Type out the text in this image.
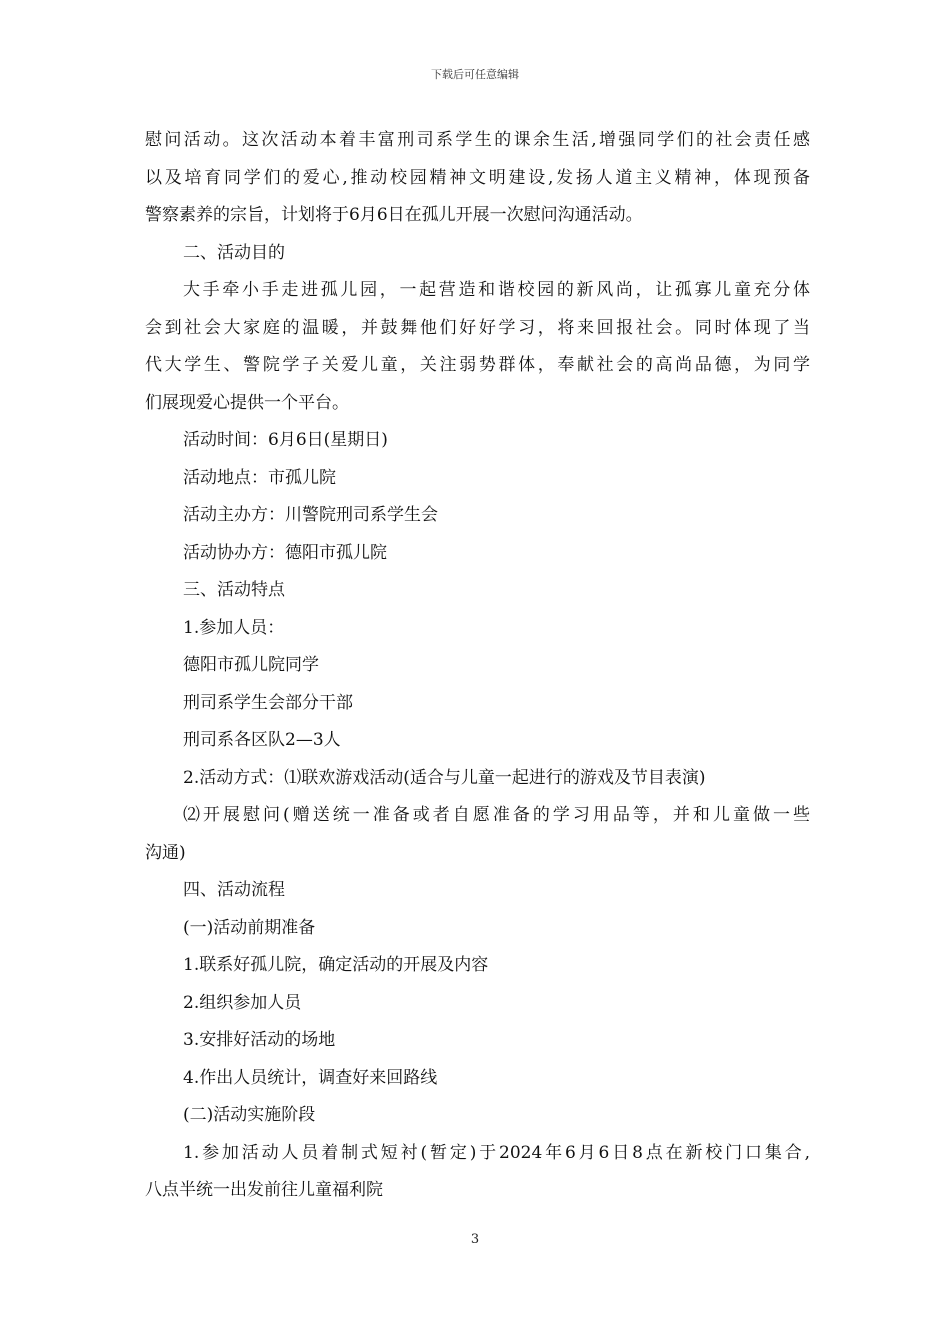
下载后可任意编辑
慰问活动。这次活动本着丰富刑司系学生的课余生活,增强同学们的社会责任感
以及培育同学们的爱心,推动校园精神文明建设,发扬人道主义精神，体现预备
警察素养的宗旨，计划将于6月6日在孤儿开展一次慰问沟通活动。
二、活动目的
大手牵小手走进孤儿园，一起营造和谐校园的新风尚，让孤寡儿童充分体
会到社会大家庭的温暖，并鼓舞他们好好学习，将来回报社会。同时体现了当
代大学生、警院学子关爱儿童，关注弱势群体，奉献社会的高尚品德，为同学
们展现爱心提供一个平台。
活动时间：6月6日(星期日)
活动地点：市孤儿院
活动主办方：川警院刑司系学生会
活动协办方：德阳市孤儿院
三、活动特点
1.参加人员：
德阳市孤儿院同学
刑司系学生会部分干部
刑司系各区队2—3人
2.活动方式：⑴联欢游戏活动(适合与儿童一起进行的游戏及节目表演)
⑵开展慰问(赠送统一准备或者自愿准备的学习用品等，并和儿童做一些
沟通)
四、活动流程
(一)活动前期准备
1.联系好孤儿院，确定活动的开展及内容
2.组织参加人员
3.安排好活动的场地
4.作出人员统计，调查好来回路线
(二)活动实施阶段
1.参加活动人员着制式短衬(暂定)于2024年6月6日8点在新校门口集合,
八点半统一出发前往儿童福利院
3
